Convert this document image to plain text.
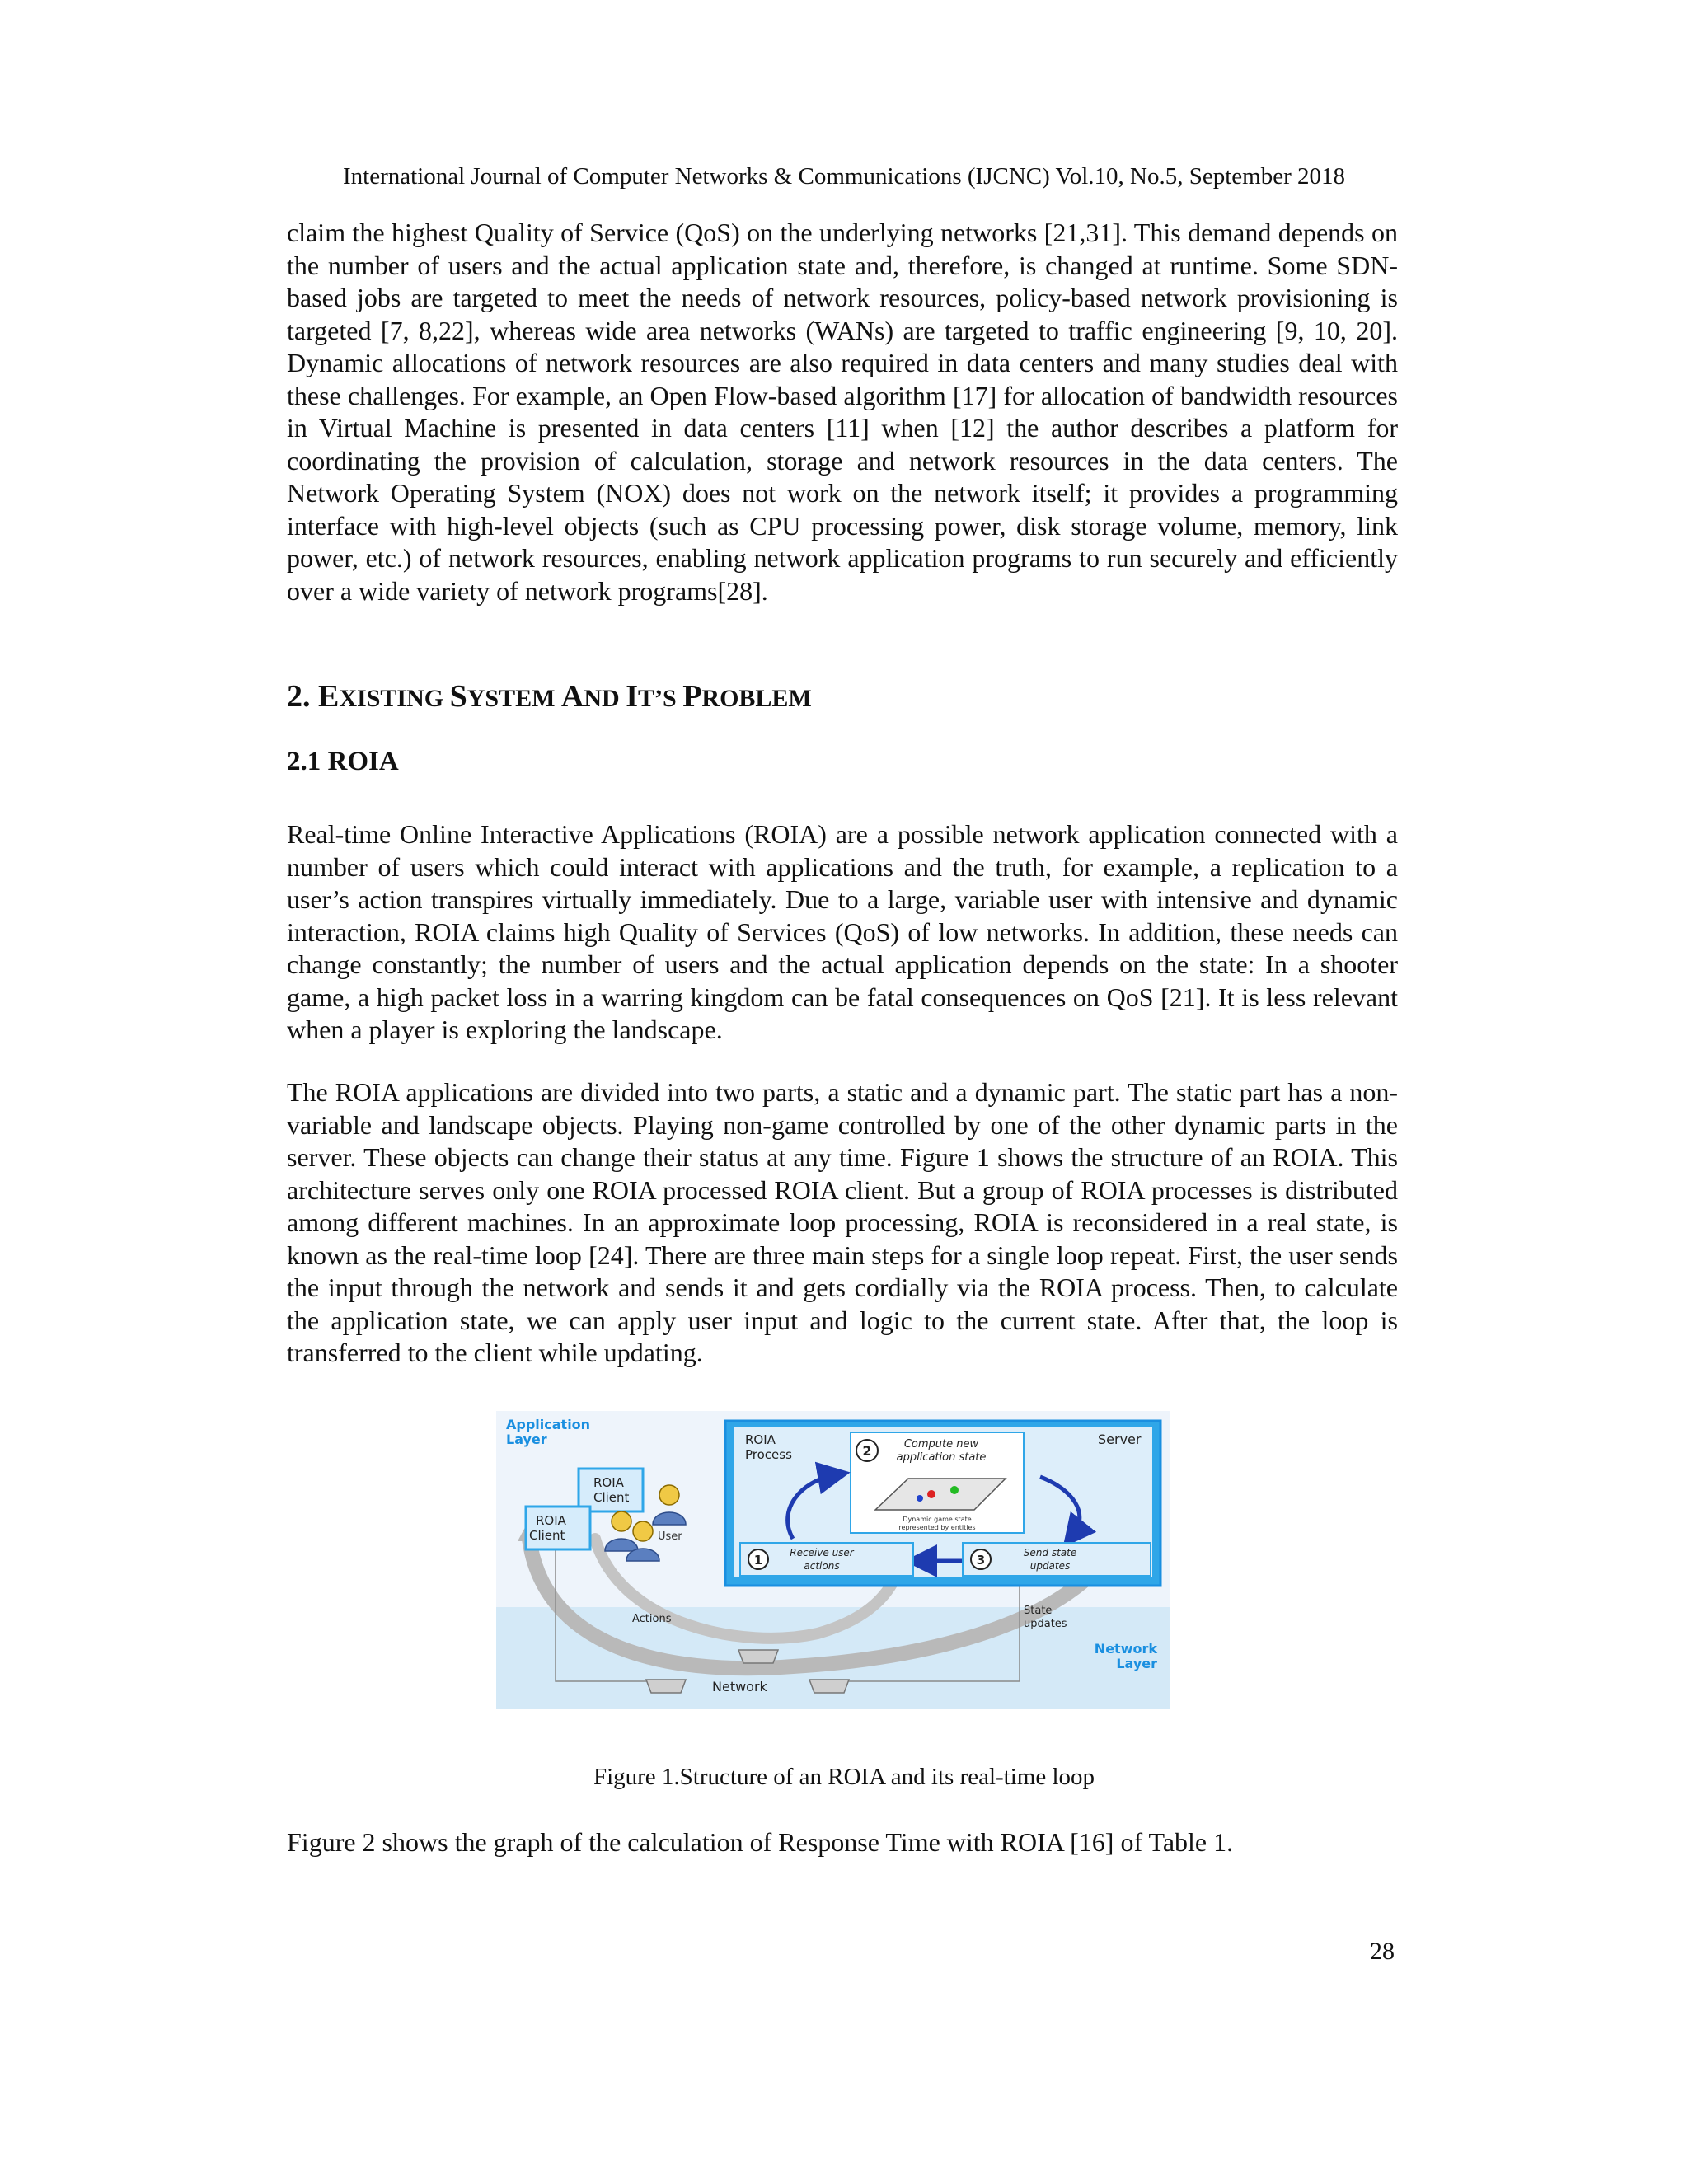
International Journal of Computer Networks & Communications (IJCNC) Vol.10, No.5, September 2018

claim the highest Quality of Service (QoS) on the underlying networks [21,31]. This demand depends on the number of users and the actual application state and, therefore, is changed at runtime. Some SDN-based jobs are targeted to meet the needs of network resources, policy-based network provisioning is targeted [7, 8,22], whereas wide area networks (WANs) are targeted to traffic engineering [9, 10, 20]. Dynamic allocations of network resources are also required in data centers and many studies deal with these challenges. For example, an Open Flow-based algorithm [17] for allocation of bandwidth resources in Virtual Machine is presented in data centers [11] when [12] the author describes a platform for coordinating the provision of calculation, storage and network resources in the data centers. The Network Operating System (NOX) does not work on the network itself; it provides a programming interface with high-level objects (such as CPU processing power, disk storage volume, memory, link power, etc.) of network resources, enabling network application programs to run securely and efficiently over a wide variety of network programs[28].

2. EXISTING SYSTEM AND IT’S PROBLEM
2.1 ROIA

Real-time Online Interactive Applications (ROIA) are a possible network application connected with a number of users which could interact with applications and the truth, for example, a replication to a user’s action transpires virtually immediately. Due to a large, variable user with intensive and dynamic interaction, ROIA claims high Quality of Services (QoS) of low networks. In addition, these needs can change constantly; the number of users and the actual application depends on the state: In a shooter game, a high packet loss in a warring kingdom can be fatal consequences on QoS [21]. It is less relevant when a player is exploring the landscape.

The ROIA applications are divided into two parts, a static and a dynamic part. The static part has a non-variable and landscape objects. Playing non-game controlled by one of the other dynamic parts in the server. These objects can change their status at any time. Figure 1 shows the structure of an ROIA. This architecture serves only one ROIA processed ROIA client. But a group of ROIA processes is distributed among different machines. In an approximate loop processing, ROIA is reconsidered in a real state, is known as the real-time loop [24]. There are three main steps for a single loop repeat. First, the user sends the input through the network and sends it and gets cordially via the ROIA process. Then, to calculate the application state, we can apply user input and logic to the current state. After that, the loop is transferred to the client while updating.

Application
Layer
ROIA
Client
ROIA
Client	User
ROIA
Process
Server
2	Compute new
application state
Dynamic game state
represented by entities
1	Receive user
actions	3	Send state
updates
Actions
State
updates
Network
Network
Layer
Figure 1.Structure of an ROIA and its real-time loop

Figure 2 shows the graph of the calculation of Response Time with ROIA [16] of Table 1.

28
